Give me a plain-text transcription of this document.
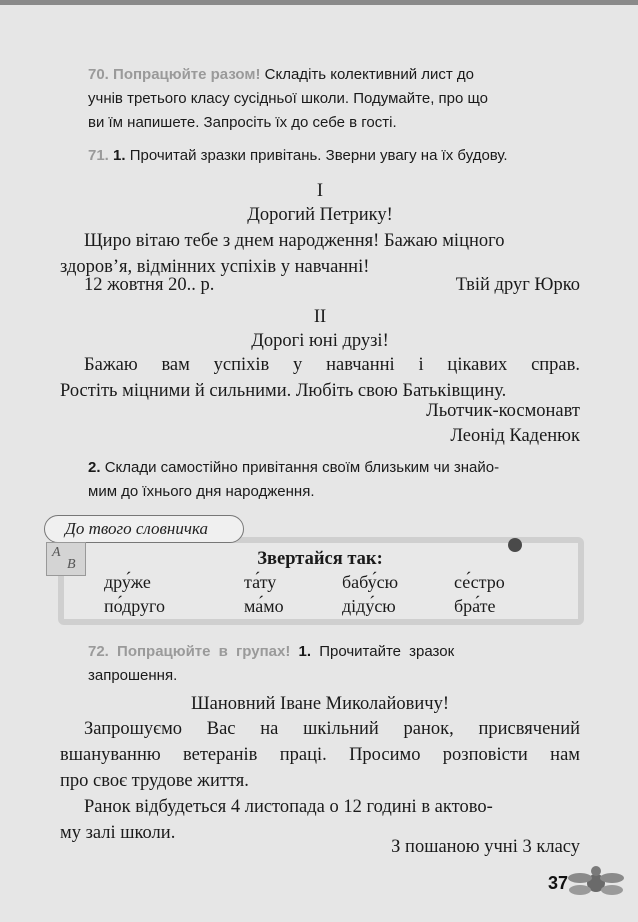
70. Попрацюйте разом! Складіть колективний лист до
учнів третього класу сусідньої школи. Подумайте, про що
ви їм напишете. Запросіть їх до себе в гості.
71. 1. Прочитай зразки привітань. Зверни увагу на їх будову.
I
Дорогий Петрику!
Щиро вітаю тебе з днем народження! Бажаю міцного
здоров’я, відмінних успіхів у навчанні!
12 жовтня 20.. р.	Твій друг Юрко
II
Дорогі юні друзі!
Бажаю вам успіхів у навчанні і цікавих справ.
Ростіть міцними й сильними. Любіть свою Батьківщину.
Льотчик-космонавт
Леонід Каденюк
2. Склади самостійно привітання своїм близьким чи знайо-
мим до їхнього дня народження.
До твого словничка
A
B	Звертайся так:
дру́же	та́ту	бабу́сю	се́стро
по́друго	ма́мо	діду́сю	бра́те
72. Попрацюйте в групах! 1. Прочитайте зразок
запрошення.
Шановний Іване Миколайовичу!
Запрошуємо Вас на шкільний ранок, присвячений
вшануванню ветеранів праці. Просимо розповісти нам
про своє трудове життя.
Ранок відбудеться 4 листопада о 12 годині в актово-
му залі школи.
З пошаною учні 3 класу
37
